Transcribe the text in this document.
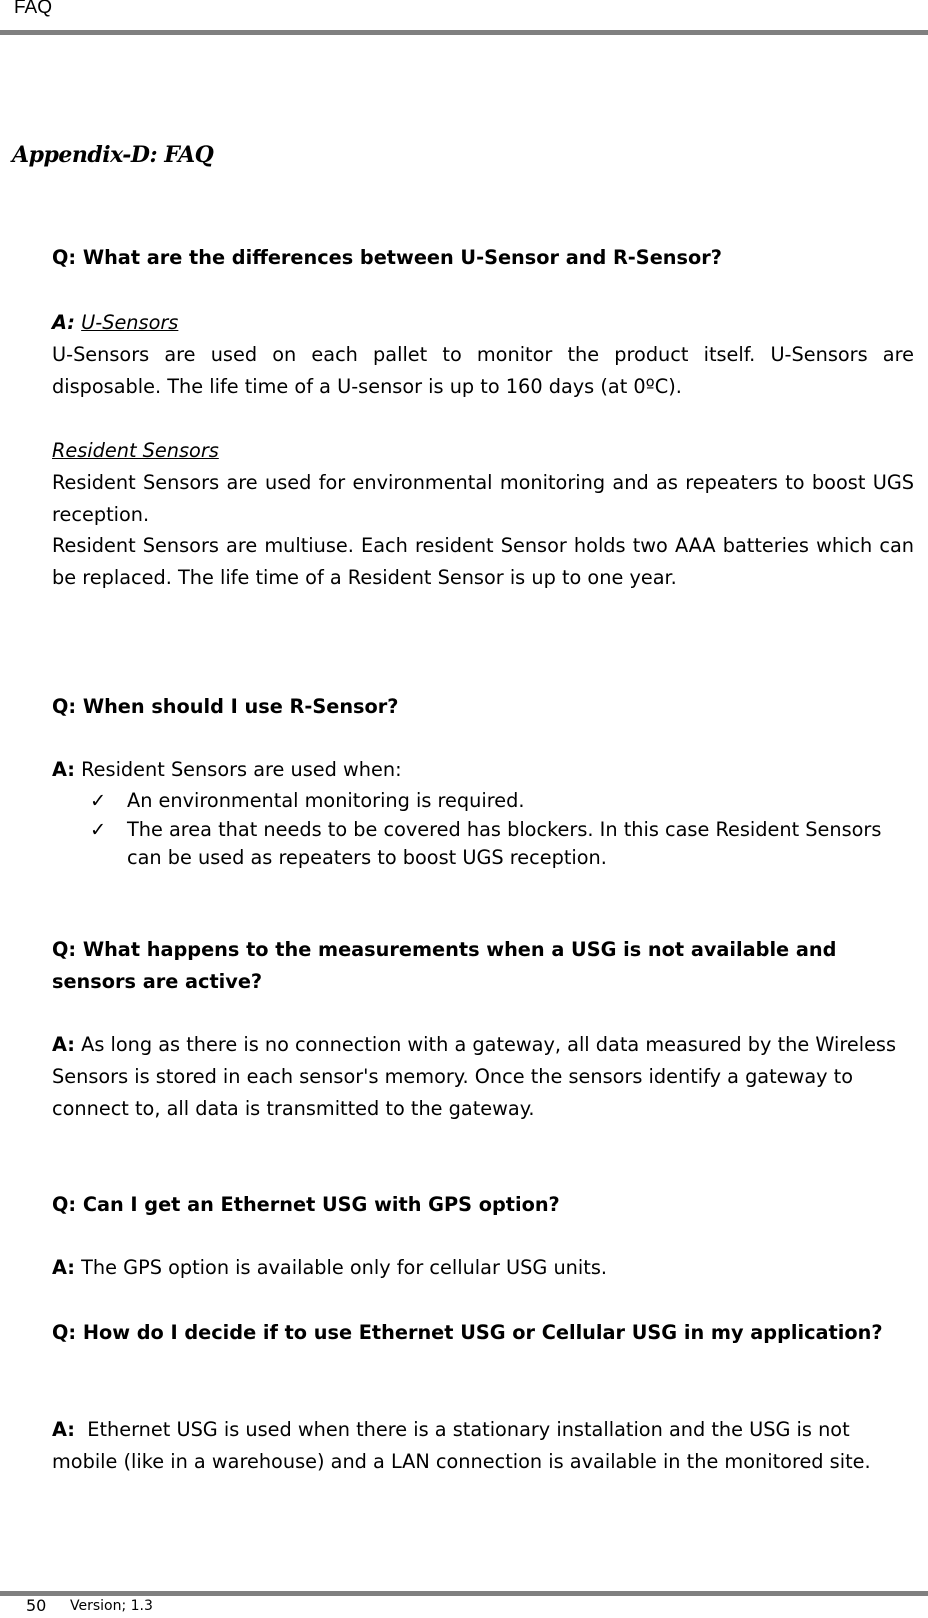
FAQ
Appendix-D: FAQ
Q: What are the differences between U-Sensor and R-Sensor?
A: U-Sensors
U-Sensors are used on each pallet to monitor the product itself. U-Sensors are disposable. The life time of a U-sensor is up to 160 days (at 0ºC).
Resident Sensors
Resident Sensors are used for environmental monitoring and as repeaters to boost UGS reception.
Resident Sensors are multiuse. Each resident Sensor holds two AAA batteries which can be replaced. The life time of a Resident Sensor is up to one year.
Q: When should I use R-Sensor?
A: Resident Sensors are used when:
✓ An environmental monitoring is required.
✓ The area that needs to be covered has blockers. In this case Resident Sensors can be used as repeaters to boost UGS reception.
Q: What happens to the measurements when a USG is not available and sensors are active?
A: As long as there is no connection with a gateway, all data measured by the Wireless Sensors is stored in each sensor's memory. Once the sensors identify a gateway to connect to, all data is transmitted to the gateway.
Q: Can I get an Ethernet USG with GPS option?
A: The GPS option is available only for cellular USG units.
Q: How do I decide if to use Ethernet USG or Cellular USG in my application?
A: Ethernet USG is used when there is a stationary installation and the USG is not mobile (like in a warehouse) and a LAN connection is available in the monitored site.
50 Version; 1.3
